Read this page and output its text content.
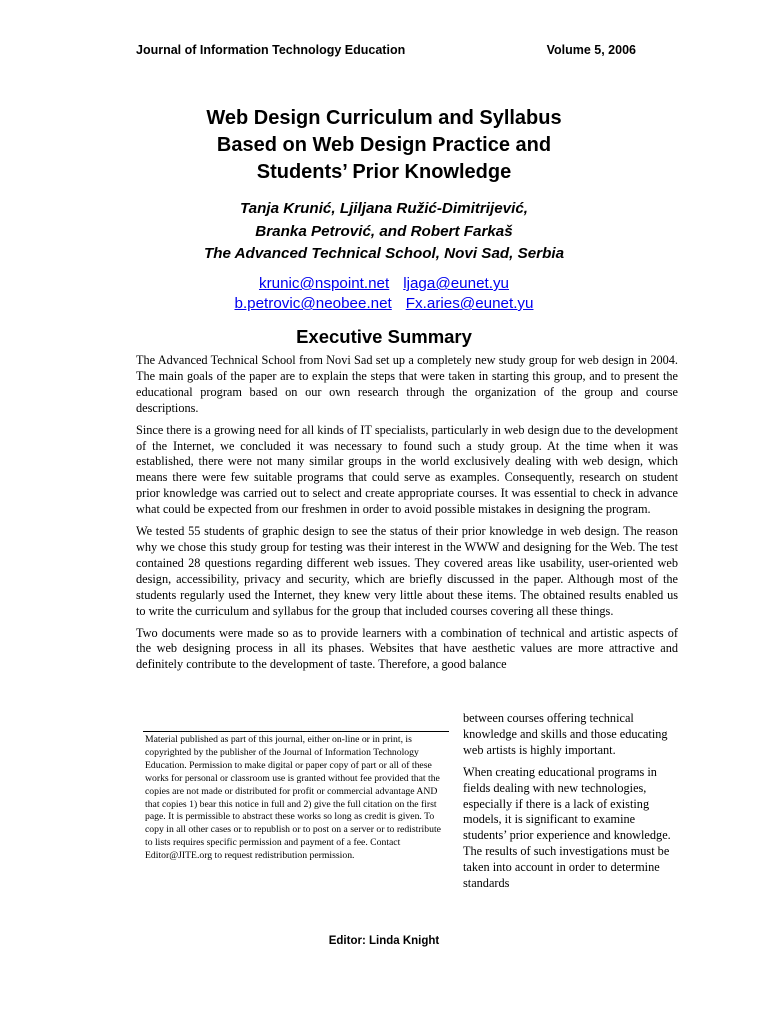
Journal of Information Technology Education	Volume 5, 2006
Web Design Curriculum and Syllabus
Based on Web Design Practice and
Students’ Prior Knowledge
Tanja Krunić, Ljiljana Ružić-Dimitrijević,
Branka Petrović, and Robert Farkaš
The Advanced Technical School, Novi Sad, Serbia
krunic@nspoint.net ljaga@eunet.yu
b.petrovic@neobee.net Fx.aries@eunet.yu
Executive Summary

The Advanced Technical School from Novi Sad set up a completely new study group for web design in 2004. The main goals of the paper are to explain the steps that were taken in starting this group, and to present the educational program based on our own research through the organization of the group and course descriptions.

Since there is a growing need for all kinds of IT specialists, particularly in web design due to the development of the Internet, we concluded it was necessary to found such a study group. At the time when it was established, there were not many similar groups in the world exclusively dealing with web design, which means there were few suitable programs that could serve as examples. Consequently, research on student prior knowledge was carried out to select and create appropriate courses. It was essential to check in advance what could be expected from our freshmen in order to avoid possible mistakes in designing the program.

We tested 55 students of graphic design to see the status of their prior knowledge in web design. The reason why we chose this study group for testing was their interest in the WWW and designing for the Web. The test contained 28 questions regarding different web issues. They covered areas like usability, user-oriented web design, accessibility, privacy and security, which are briefly discussed in the paper. Although most of the students regularly used the Internet, they knew very little about these items. The obtained results enabled us to write the curriculum and syllabus for the group that included courses covering all these things.

Two documents were made so as to provide learners with a combination of technical and artistic aspects of the web designing process in all its phases. Websites that have aesthetic values are more attractive and definitely contribute to the development of taste. Therefore, a good balance

Material published as part of this journal, either on-line or in print, is copyrighted by the publisher of the Journal of Information Technology Education. Permission to make digital or paper copy of part or all of these works for personal or classroom use is granted without fee provided that the copies are not made or distributed for profit or commercial advantage AND that copies 1) bear this notice in full and 2) give the full citation on the first page. It is permissible to abstract these works so long as credit is given. To copy in all other cases or to republish or to post on a server or to redistribute to lists requires specific permission and payment of a fee. Contact Editor@JITE.org to request redistribution permission.

between courses offering technical knowledge and skills and those educating web artists is highly important.

When creating educational programs in fields dealing with new technologies, especially if there is a lack of existing models, it is significant to examine students’ prior experience and knowledge. The results of such investigations must be taken into account in order to determine standards

Editor: Linda Knight
